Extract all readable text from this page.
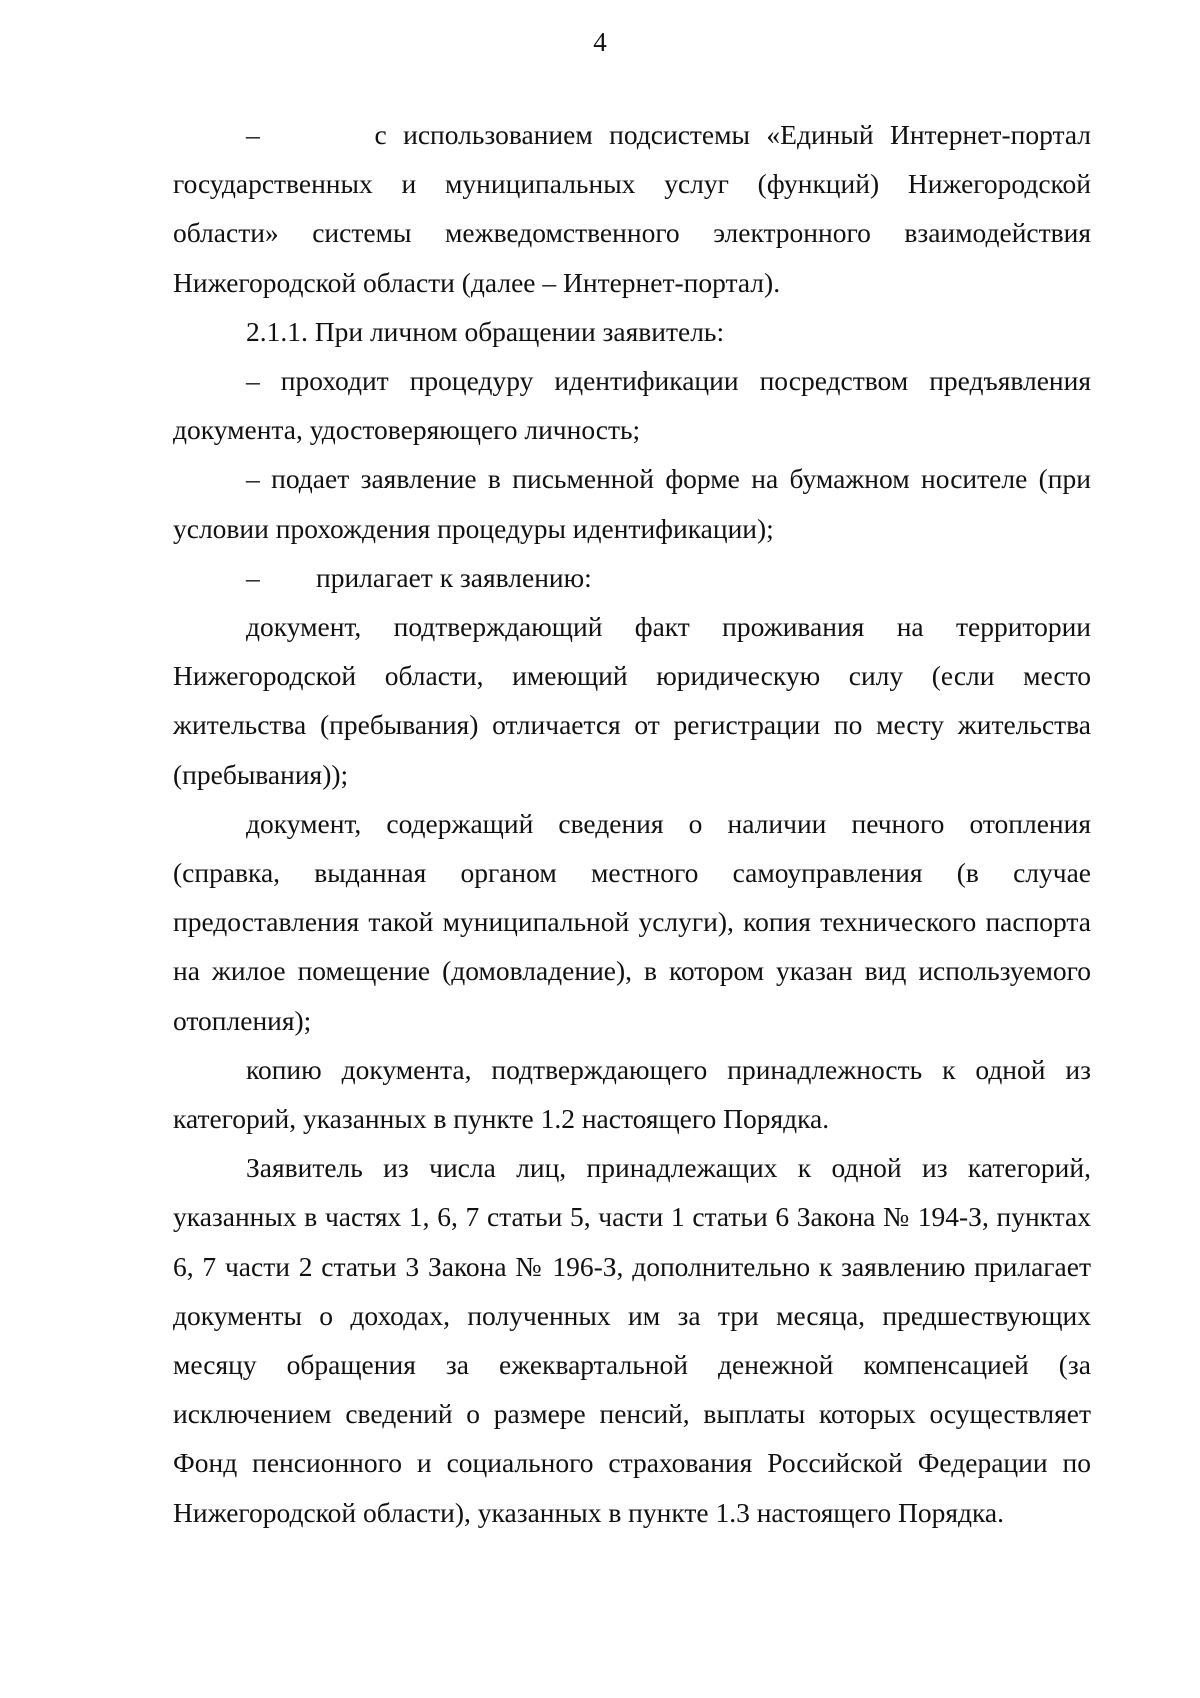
4

–       с использованием подсистемы «Единый Интернет-портал государственных и муниципальных услуг (функций) Нижегородской области» системы межведомственного электронного взаимодействия Нижегородской области (далее – Интернет-портал).

2.1.1. При личном обращении заявитель:

– проходит процедуру идентификации посредством предъявления документа, удостоверяющего личность;

– подает заявление в письменной форме на бумажном носителе (при условии прохождения процедуры идентификации);

–	прилагает к заявлению:

документ, подтверждающий факт проживания на территории Нижегородской области, имеющий юридическую силу (если место жительства (пребывания) отличается от регистрации по месту жительства (пребывания));

документ, содержащий сведения о наличии печного отопления (справка, выданная органом местного самоуправления (в случае предоставления такой муниципальной услуги), копия технического паспорта на жилое помещение (домовладение), в котором указан вид используемого отопления);

копию документа, подтверждающего принадлежность к одной из категорий, указанных в пункте 1.2 настоящего Порядка.

Заявитель из числа лиц, принадлежащих к одной из категорий, указанных в частях 1, 6, 7 статьи 5, части 1 статьи 6 Закона № 194-З, пунктах 6, 7 части 2 статьи 3 Закона № 196-З, дополнительно к заявлению прилагает документы о доходах, полученных им за три месяца, предшествующих месяцу обращения за ежеквартальной денежной компенсацией (за исключением сведений о размере пенсий, выплаты которых осуществляет Фонд пенсионного и социального страхования Российской Федерации по Нижегородской области), указанных в пункте 1.3 настоящего Порядка.
